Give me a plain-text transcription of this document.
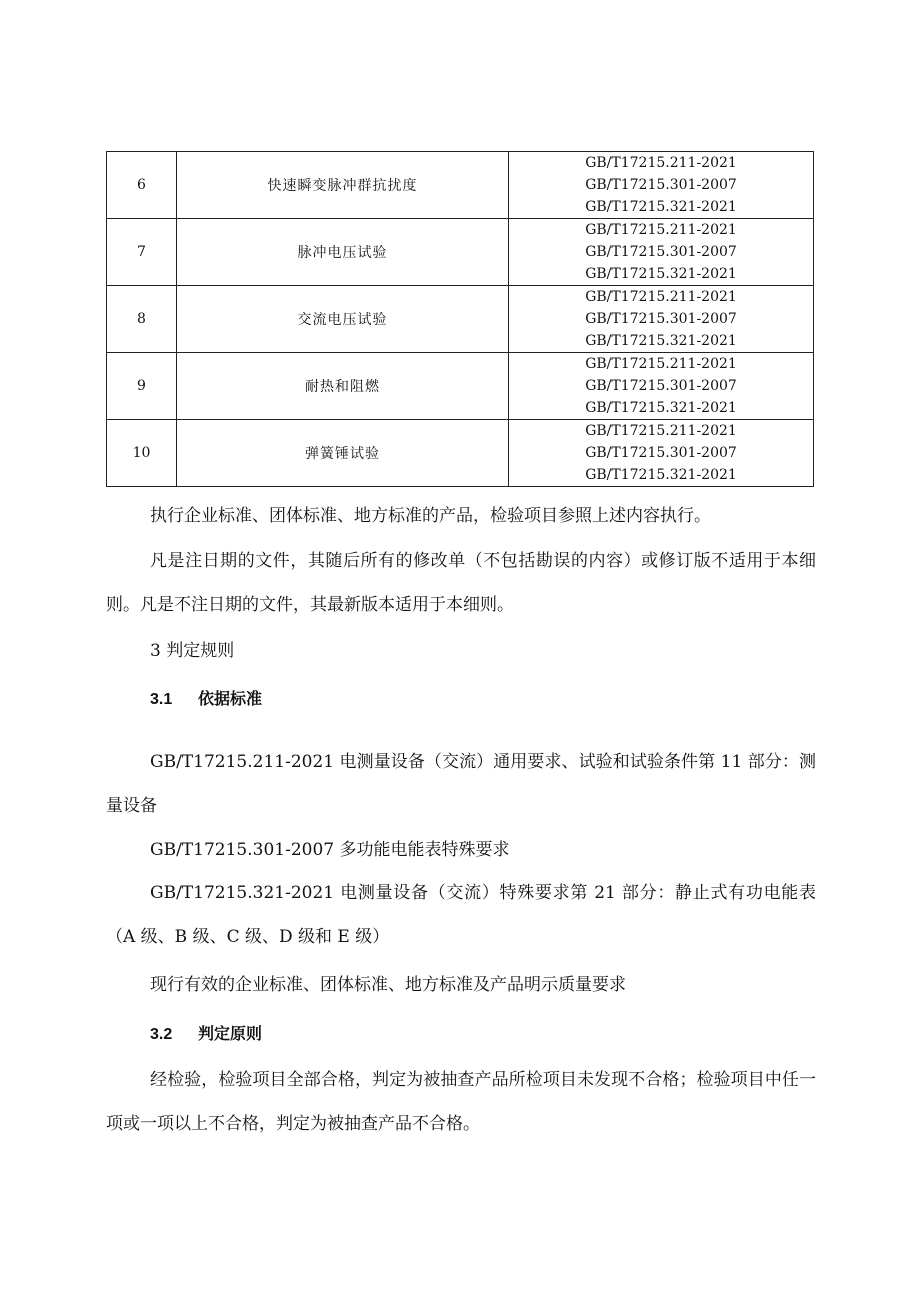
6	快速瞬变脉冲群抗扰度	GB/T17215.211-2021
GB/T17215.301-2007
GB/T17215.321-2021

7	脉冲电压试验	GB/T17215.211-2021
GB/T17215.301-2007
GB/T17215.321-2021

8	交流电压试验	GB/T17215.211-2021
GB/T17215.301-2007
GB/T17215.321-2021

9	耐热和阻燃	GB/T17215.211-2021
GB/T17215.301-2007
GB/T17215.321-2021

10	弹簧锤试验	GB/T17215.211-2021
GB/T17215.301-2007
GB/T17215.321-2021

执行企业标准、团体标准、地方标准的产品，检验项目参照上述内容执行。

凡是注日期的文件，其随后所有的修改单（不包括勘误的内容）或修订版不适用于本细则。凡是不注日期的文件，其最新版本适用于本细则。

3 判定规则

3.1 依据标准

GB/T17215.211-2021 电测量设备（交流）通用要求、试验和试验条件第 11 部分：测量设备

GB/T17215.301-2007 多功能电能表特殊要求

GB/T17215.321-2021 电测量设备（交流）特殊要求第 21 部分：静止式有功电能表（A 级、B 级、C 级、D 级和 E 级）

现行有效的企业标准、团体标准、地方标准及产品明示质量要求

3.2 判定原则

经检验，检验项目全部合格，判定为被抽查产品所检项目未发现不合格；检验项目中任一项或一项以上不合格，判定为被抽查产品不合格。
